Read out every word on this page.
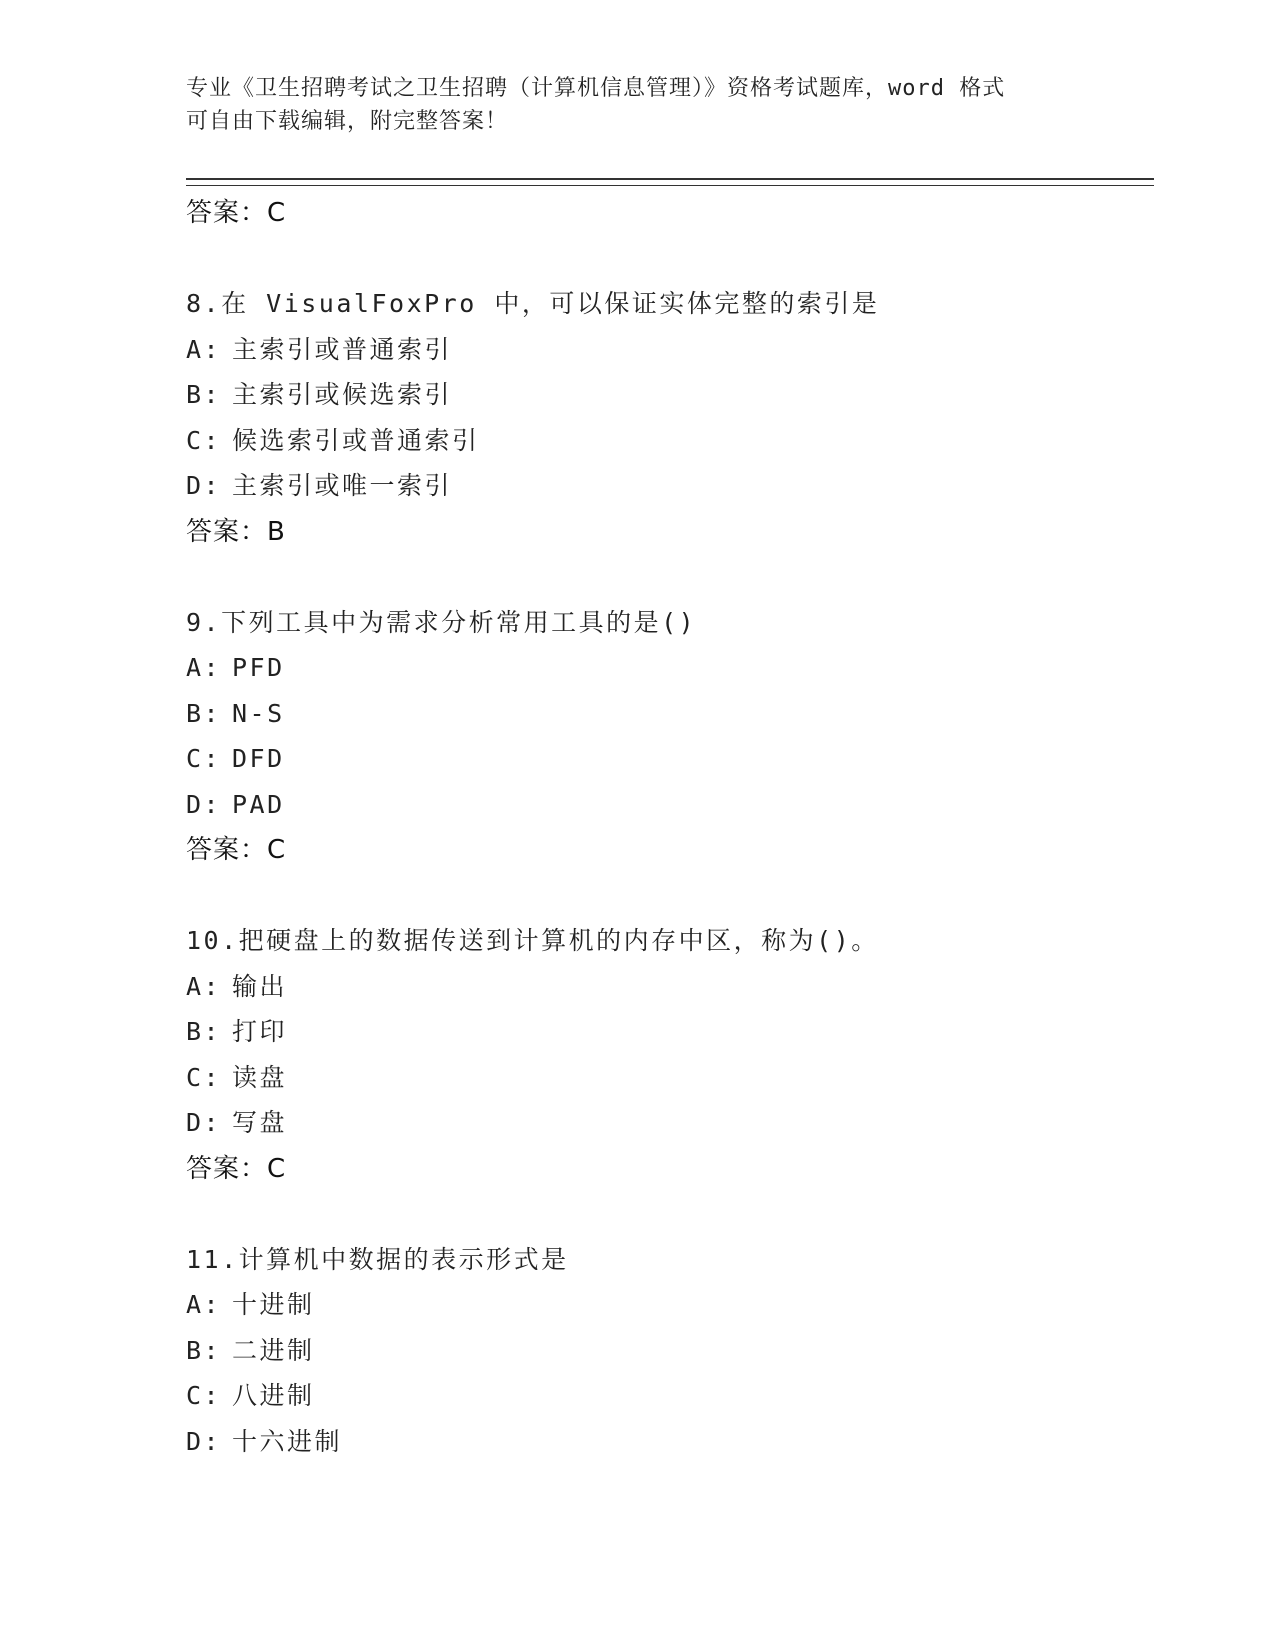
专业《卫生招聘考试之卫生招聘（计算机信息管理）》资格考试题库，word 格式
可自由下载编辑，附完整答案！
答案：C
8.在 VisualFoxPro 中，可以保证实体完整的索引是
A: 主索引或普通索引
B: 主索引或候选索引
C: 候选索引或普通索引
D: 主索引或唯一索引
答案：B
9.下列工具中为需求分析常用工具的是()
A: PFD
B: N-S
C: DFD
D: PAD
答案：C
10.把硬盘上的数据传送到计算机的内存中区，称为()。
A: 输出
B: 打印
C: 读盘
D: 写盘
答案：C
11.计算机中数据的表示形式是
A: 十进制
B: 二进制
C: 八进制
D: 十六进制
